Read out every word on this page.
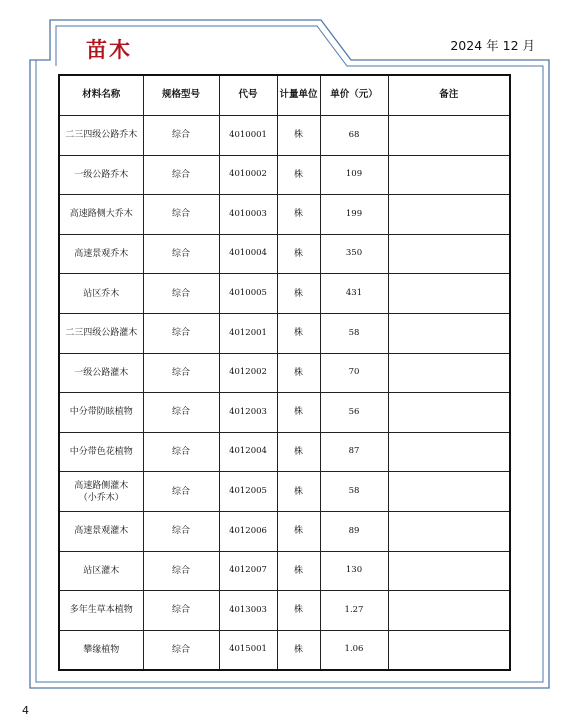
苗木	2024 年 12 月
材料名称	规格型号	代号	计量单位	单价（元）	备注
二三四级公路乔木	综合	4010001	株	68	
一级公路乔木	综合	4010002	株	109	
高速路侧大乔木	综合	4010003	株	199	
高速景观乔木	综合	4010004	株	350	
站区乔木	综合	4010005	株	431	
二三四级公路灌木	综合	4012001	株	58	
一级公路灌木	综合	4012002	株	70	
中分带防眩植物	综合	4012003	株	56	
中分带色花植物	综合	4012004	株	87	
高速路侧灌木
（小乔木）	综合	4012005	株	58	
高速景观灌木	综合	4012006	株	89	
站区灌木	综合	4012007	株	130	
多年生草本植物	综合	4013003	株	1.27	
攀缘植物	综合	4015001	株	1.06	
4
